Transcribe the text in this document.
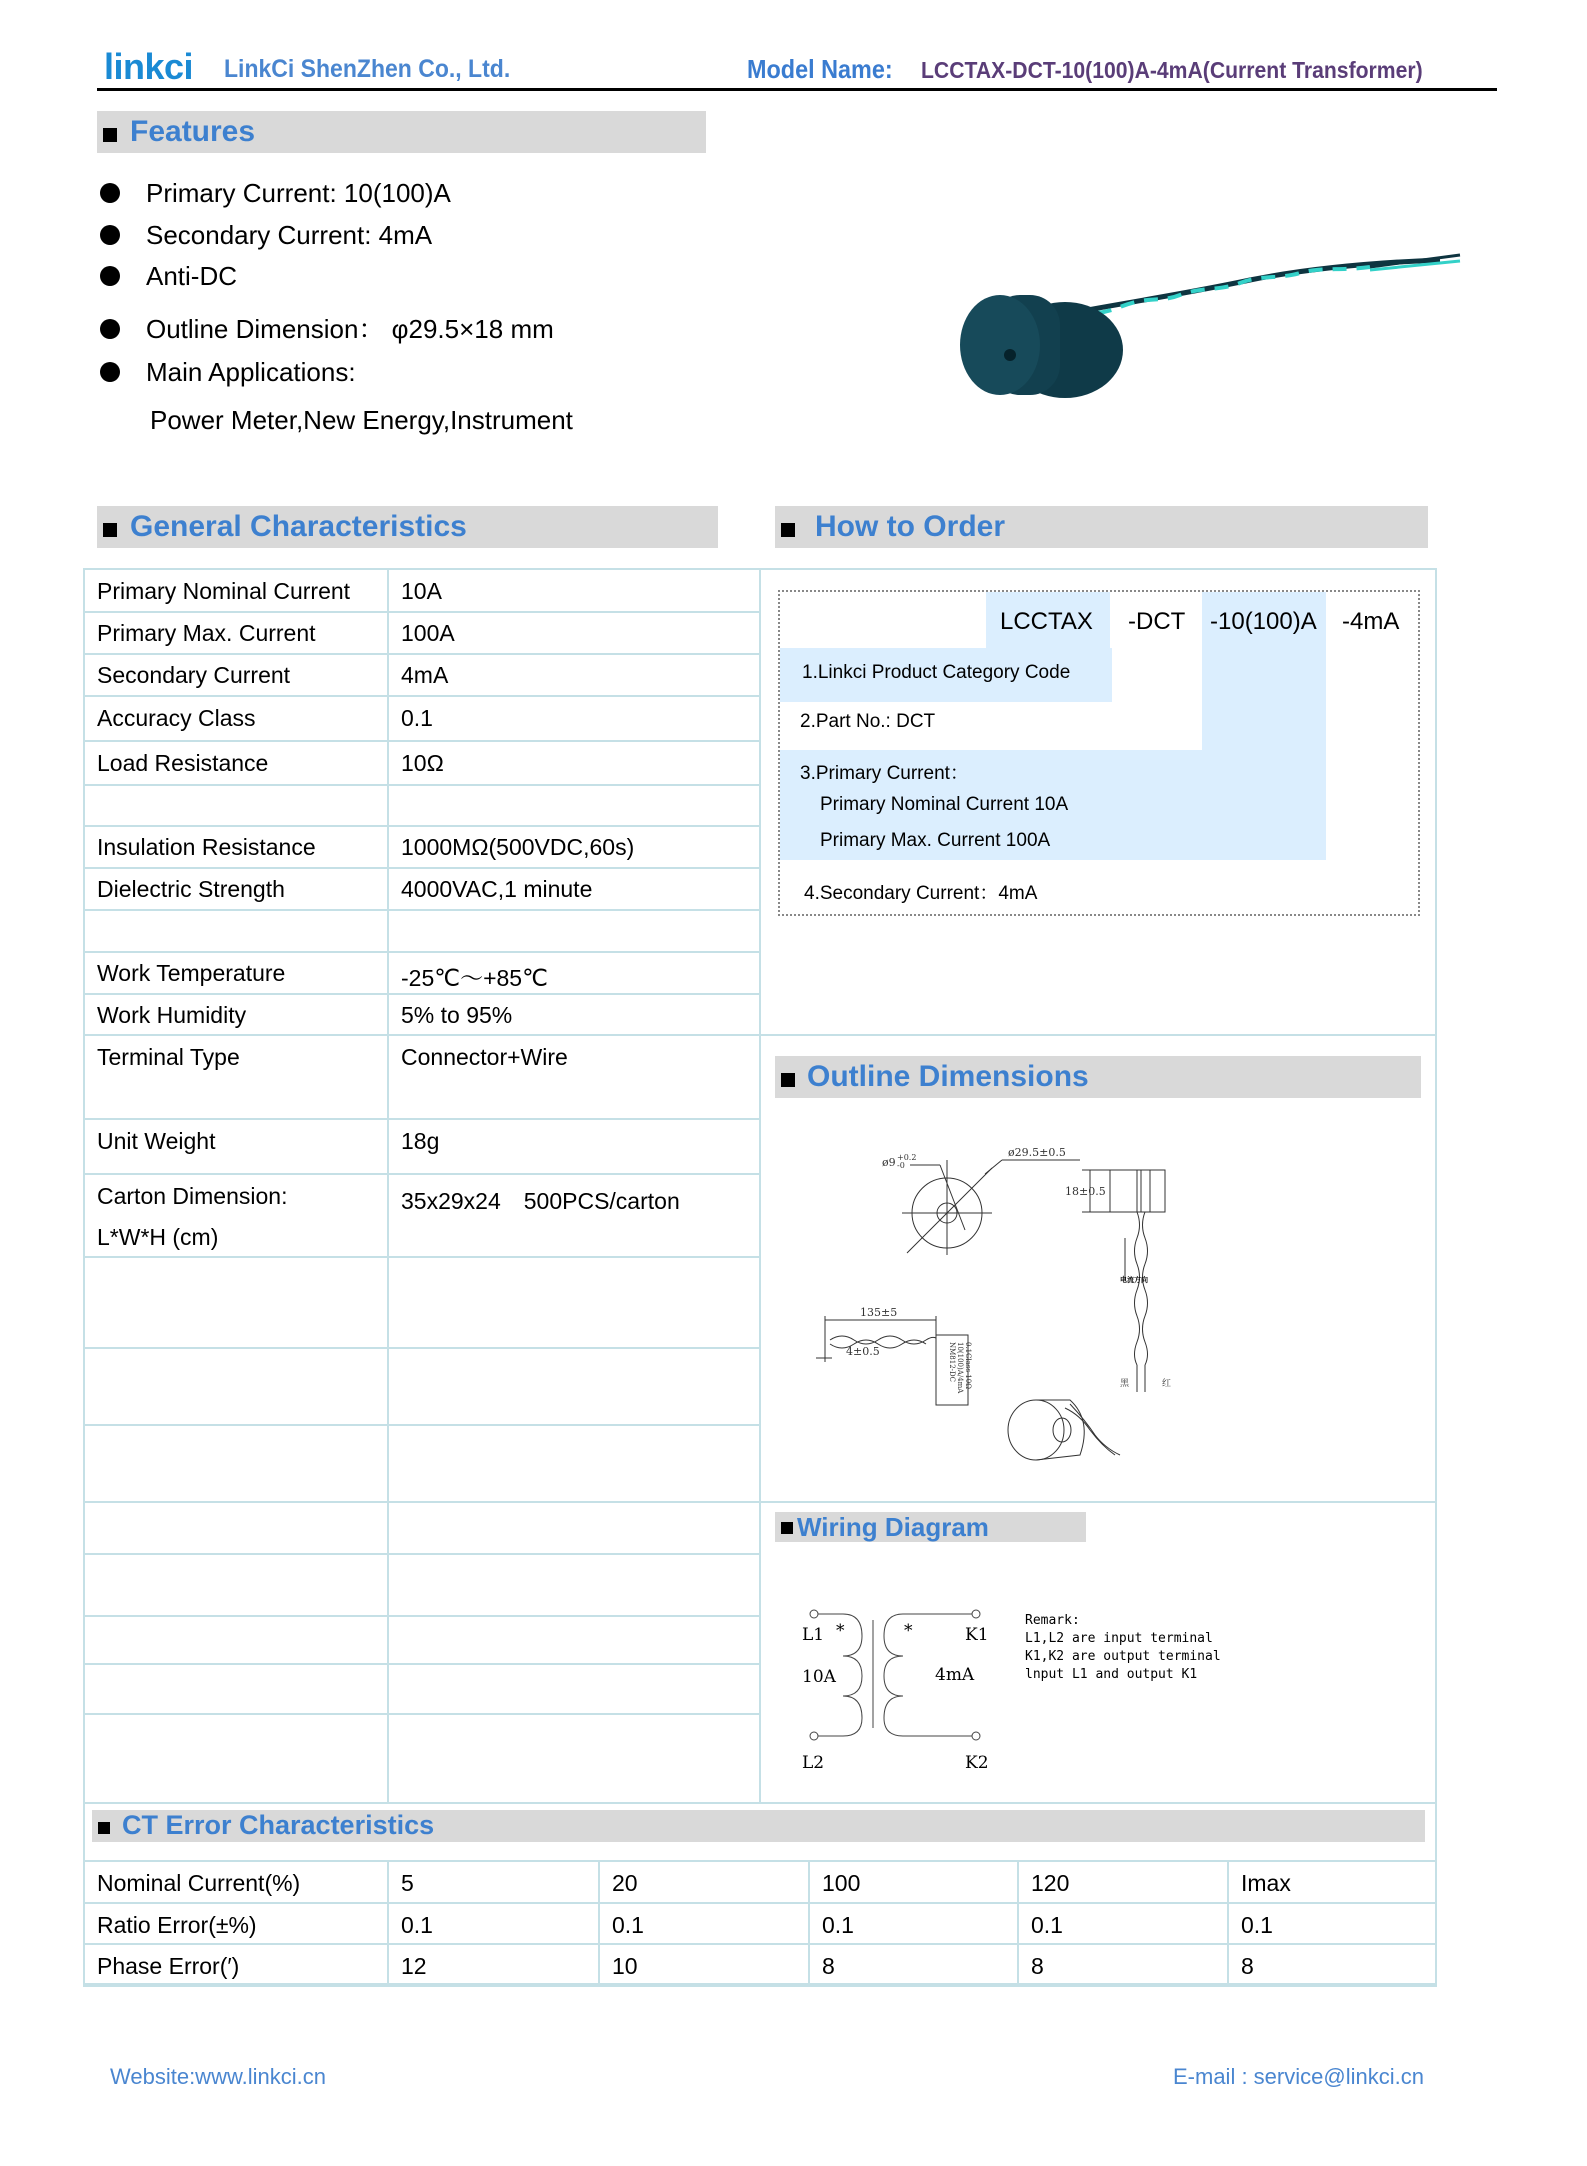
linkci LinkCi ShenZhen Co., Ltd.	Model Name: LCCTAX-DCT-10(100)A-4mA(Current Transformer)
Features
Primary Current: 10(100)A
Secondary Current: 4mA
Anti-DC
Outline Dimension： φ29.5×18 mm
Main Applications:
Power Meter,New Energy,Instrument
General Characteristics	How to Order
Primary Nominal Current 10A
Primary Max. Current	100A
Secondary Current	4mA
Accuracy Class	0.1
Load Resistance	10Ω
Insulation Resistance	1000MΩ(500VDC,60s)
Dielectric Strength	4000VAC,1 minute
Work Temperature	-25℃～+85℃
Work Humidity	5% to 95%
Terminal Type	Connector+Wire
Unit Weight	18g
Carton Dimension:
L*W*H (cm)
35x29x24　500PCS/carton
LCCTAX -DCT -10(100)A -4mA
1.Linkci Product Category Code
2.Part No.: DCT
3.Primary Current：
Primary Nominal Current 10A
Primary Max. Current 100A
4.Secondary Current：4mA
Outline Dimensions
ø9 +0.2
-0
ø29.5±0.5
18±0.5
电流方向
黑	红
135±5
4±0.5	NM812-DC 10(100)A/4mA 0.1Class 10Ω
Wiring Diagram
L1 *
10A
L2
*	K1
4mA
K2
Remark:
L1,L2 are input terminal
K1,K2 are output terminal
lnput L1 and output K1
CT Error Characteristics
Nominal Current(%)	5	20	100	120	Imax
Ratio Error(±%)	0.1	0.1	0.1	0.1	0.1
Phase Error(′)	12	10	8	8	8
Website:www.linkci.cn	E-mail : service@linkci.cn
